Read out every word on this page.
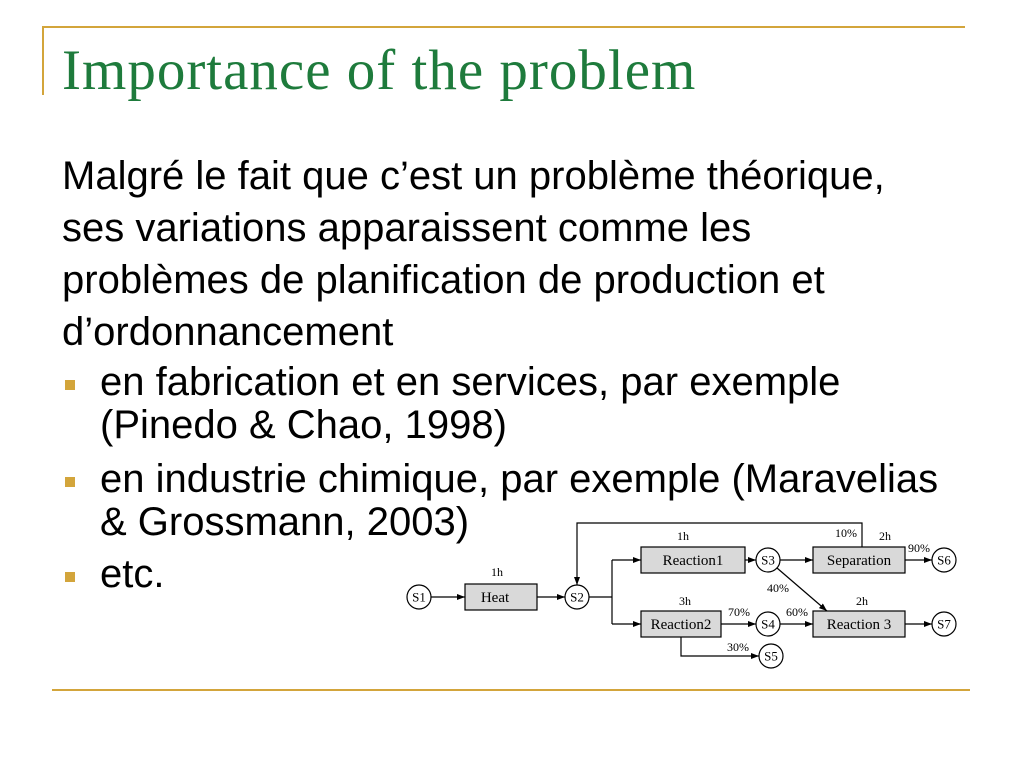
Importance of the problem
Malgré le fait que c’est un problème théorique,
ses variations apparaissent comme les
problèmes de planification de production et
d’ordonnancement
en fabrication et en services, par exemple
(Pinedo & Chao, 1998)
en industrie chimique, par exemple (Maravelias
& Grossmann, 2003)
etc.
10%
S1	Heat
1h
S2
Reaction1
1h
S3	Separation
2h
90%
S6
40%
Reaction2
3h
70%
S4
60%
Reaction 3
2h
S7
30%
S5
